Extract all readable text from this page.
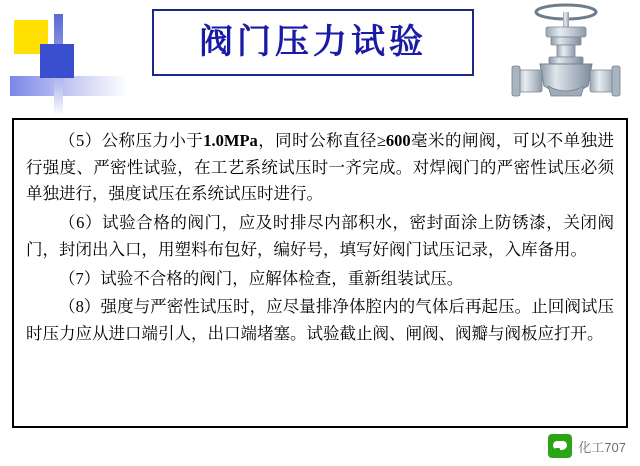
阀门压力试验

（5）公称压力小于1.0MPa，同时公称直径≥600毫米的闸阀，可以不单独进行强度、严密性试验，在工艺系统试压时一齐完成。对焊阀门的严密性试压必须单独进行，强度试压在系统试压时进行。

（6）试验合格的阀门，应及时排尽内部积水，密封面涂上防锈漆，关闭阀门，封闭出入口，用塑料布包好，编好号，填写好阀门试压记录，入库备用。

（7）试验不合格的阀门，应解体检查，重新组装试压。

（8）强度与严密性试压时，应尽量排净体腔内的气体后再起压。止回阀试压时压力应从进口端引人，出口端堵塞。试验截止阀、闸阀、阀瓣与阀板应打开。

化工707
